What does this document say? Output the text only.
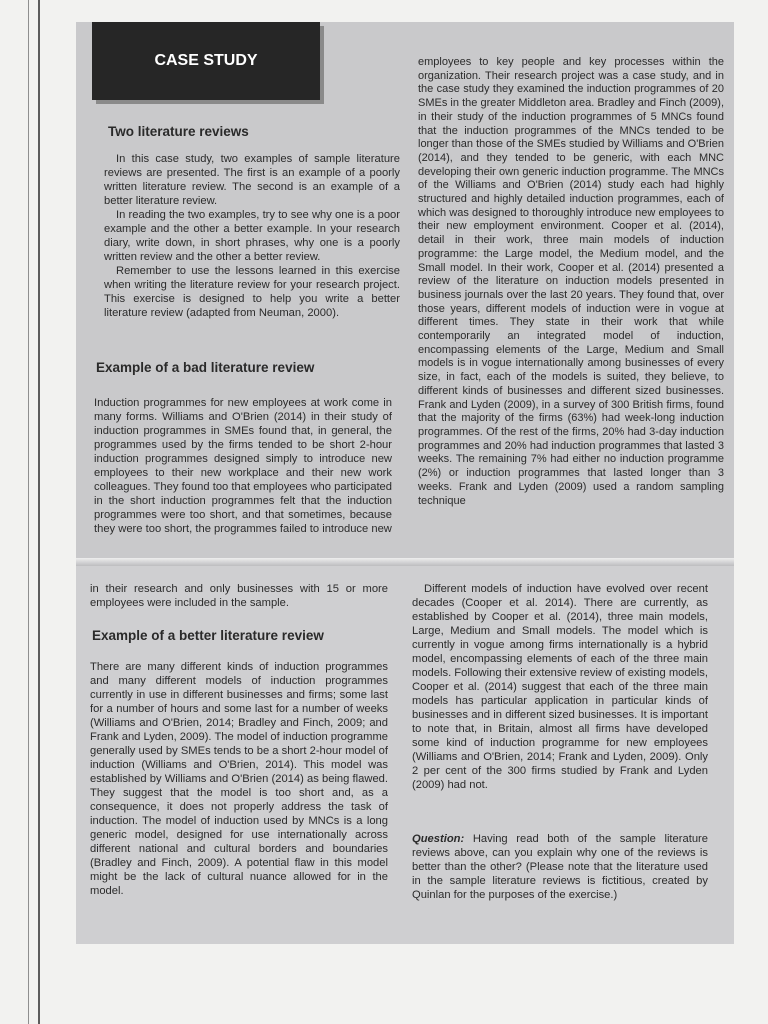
CASE STUDY
Two literature reviews

In this case study, two examples of sample literature reviews are presented. The first is an example of a poorly written literature review. The second is an example of a better literature review.

In reading the two examples, try to see why one is a poor example and the other a better example. In your research diary, write down, in short phrases, why one is a poorly written review and the other a better review.

Remember to use the lessons learned in this exercise when writing the literature review for your research project. This exercise is designed to help you write a better literature review (adapted from Neuman, 2000).

Example of a bad literature review

Induction programmes for new employees at work come in many forms. Williams and O'Brien (2014) in their study of induction programmes in SMEs found that, in general, the programmes used by the firms tended to be short 2-hour induction programmes designed simply to introduce new employees to their new workplace and their new work colleagues. They found too that employees who participated in the short induction programmes felt that the induction programmes were too short, and that sometimes, because they were too short, the programmes failed to introduce new

employees to key people and key processes within the organization. Their research project was a case study, and in the case study they examined the induction programmes of 20 SMEs in the greater Middleton area. Bradley and Finch (2009), in their study of the induction programmes of 5 MNCs found that the induction programmes of the MNCs tended to be longer than those of the SMEs studied by Williams and O'Brien (2014), and they tended to be generic, with each MNC developing their own generic induction programme. The MNCs of the Williams and O'Brien (2014) study each had highly structured and highly detailed induction programmes, each of which was designed to thoroughly introduce new employees to their new employment environment. Cooper et al. (2014), detail in their work, three main models of induction programme: the Large model, the Medium model, and the Small model. In their work, Cooper et al. (2014) presented a review of the literature on induction models presented in business journals over the last 20 years. They found that, over those years, different models of induction were in vogue at different times. They state in their work that while contemporarily an integrated model of induction, encompassing elements of the Large, Medium and Small models is in vogue internationally among businesses of every size, in fact, each of the models is suited, they believe, to different kinds of businesses and different sized businesses. Frank and Lyden (2009), in a survey of 300 British firms, found that the majority of the firms (63%) had week-long induction programmes. Of the rest of the firms, 20% had 3-day induction programmes and 20% had induction programmes that lasted 3 weeks. The remaining 7% had either no induction programme (2%) or induction programmes that lasted longer than 3 weeks. Frank and Lyden (2009) used a random sampling technique

in their research and only businesses with 15 or more employees were included in the sample.

Example of a better literature review

There are many different kinds of induction programmes and many different models of induction programmes currently in use in different businesses and firms; some last for a number of hours and some last for a number of weeks (Williams and O'Brien, 2014; Bradley and Finch, 2009; and Frank and Lyden, 2009). The model of induction programme generally used by SMEs tends to be a short 2-hour model of induction (Williams and O'Brien, 2014). This model was established by Williams and O'Brien (2014) as being flawed. They suggest that the model is too short and, as a consequence, it does not properly address the task of induction. The model of induction used by MNCs is a long generic model, designed for use internationally across different national and cultural borders and boundaries (Bradley and Finch, 2009). A potential flaw in this model might be the lack of cultural nuance allowed for in the model.

Different models of induction have evolved over recent decades (Cooper et al. 2014). There are currently, as established by Cooper et al. (2014), three main models, Large, Medium and Small models. The model which is currently in vogue among firms internationally is a hybrid model, encompassing elements of each of the three main models. Following their extensive review of existing models, Cooper et al. (2014) suggest that each of the three main models has particular application in particular kinds of businesses and in different sized businesses. It is important to note that, in Britain, almost all firms have developed some kind of induction programme for new employees (Williams and O'Brien, 2014; Frank and Lyden, 2009). Only 2 per cent of the 300 firms studied by Frank and Lyden (2009) had not.

Question: Having read both of the sample literature reviews above, can you explain why one of the reviews is better than the other? (Please note that the literature used in the sample literature reviews is fictitious, created by Quinlan for the purposes of the exercise.)
